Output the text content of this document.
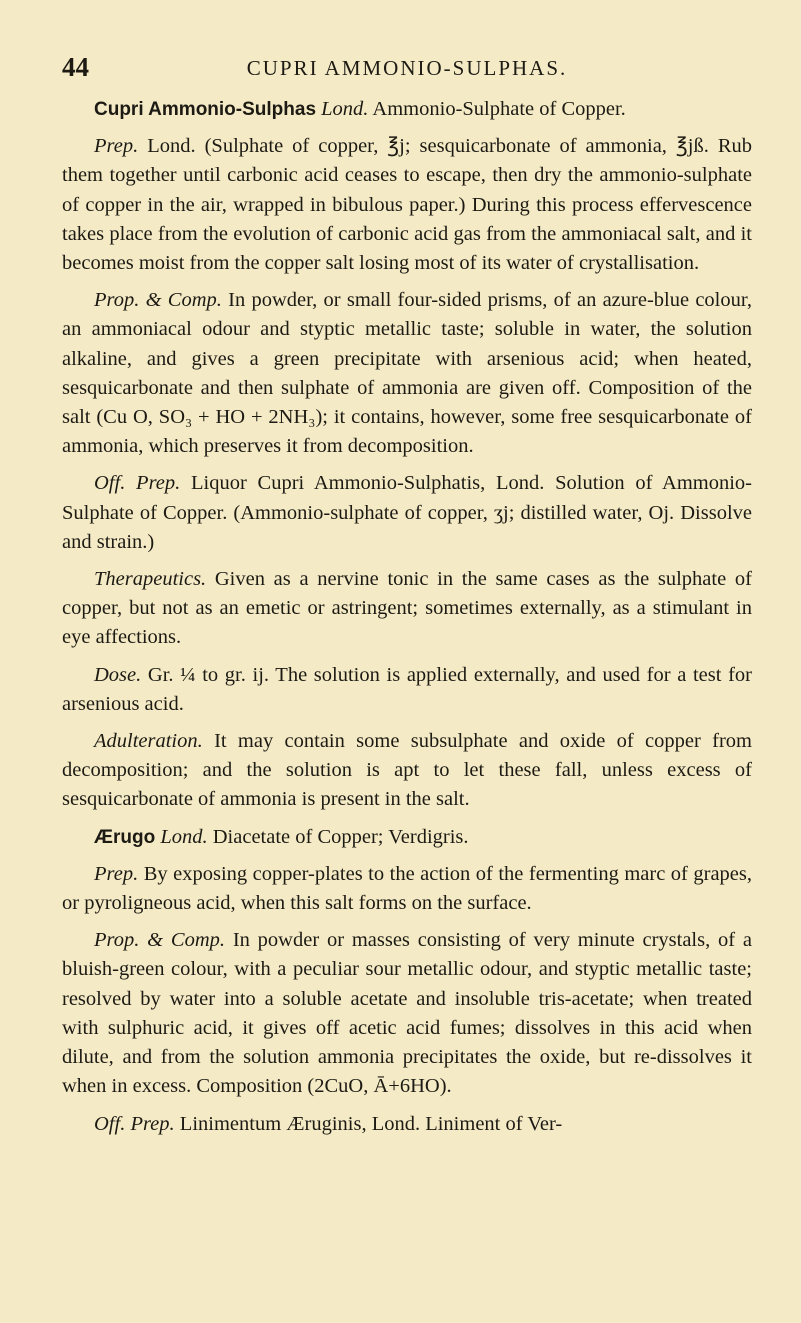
44	CUPRI AMMONIO-SULPHAS.

Cupri Ammonio-Sulphas Lond. Ammonio-Sulphate of Copper.

Prep. Lond. (Sulphate of copper, ℥j; sesquicarbonate of ammonia, ℥jß. Rub them together until carbonic acid ceases to escape, then dry the ammonio-sulphate of copper in the air, wrapped in bibulous paper.) During this process effervescence takes place from the evolution of carbonic acid gas from the ammoniacal salt, and it becomes moist from the copper salt losing most of its water of crystallisation.

Prop. & Comp. In powder, or small four-sided prisms, of an azure-blue colour, an ammoniacal odour and styptic metallic taste; soluble in water, the solution alkaline, and gives a green precipitate with arsenious acid; when heated, sesquicarbonate and then sulphate of ammonia are given off. Composition of the salt (Cu O, SO₃ + HO + 2NH₃); it contains, however, some free sesquicarbonate of ammonia, which preserves it from decomposition.

Off. Prep. Liquor Cupri Ammonio-Sulphatis, Lond. Solution of Ammonio-Sulphate of Copper. (Ammonio-sulphate of copper, ʒj; distilled water, Oj. Dissolve and strain.)

Therapeutics. Given as a nervine tonic in the same cases as the sulphate of copper, but not as an emetic or astringent; sometimes externally, as a stimulant in eye affections.

Dose. Gr. ¼ to gr. ij. The solution is applied externally, and used for a test for arsenious acid.

Adulteration. It may contain some subsulphate and oxide of copper from decomposition; and the solution is apt to let these fall, unless excess of sesquicarbonate of ammonia is present in the salt.

Ærugo Lond. Diacetate of Copper; Verdigris.

Prep. By exposing copper-plates to the action of the fermenting marc of grapes, or pyroligneous acid, when this salt forms on the surface.

Prop. & Comp. In powder or masses consisting of very minute crystals, of a bluish-green colour, with a peculiar sour metallic odour, and styptic metallic taste; resolved by water into a soluble acetate and insoluble tris-acetate; when treated with sulphuric acid, it gives off acetic acid fumes; dissolves in this acid when dilute, and from the solution ammonia precipitates the oxide, but re-dissolves it when in excess. Composition (2CuO, Ā+6HO).

Off. Prep. Linimentum Æruginis, Lond. Liniment of Ver-
